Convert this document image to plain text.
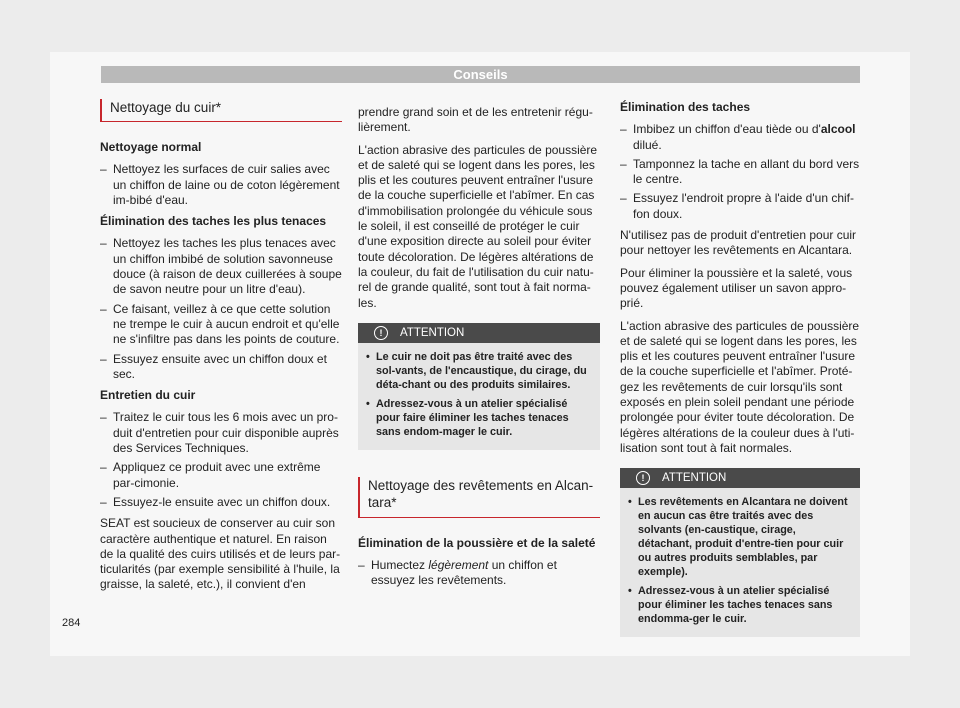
Conseils
Nettoyage du cuir*

Nettoyage normal

– Nettoyez les surfaces de cuir salies avec un chiffon de laine ou de coton légèrement im-bibé d'eau.

Élimination des taches les plus tenaces

– Nettoyez les taches les plus tenaces avec un chiffon imbibé de solution savonneuse douce (à raison de deux cuillerées à soupe de savon neutre pour un litre d'eau).
– Ce faisant, veillez à ce que cette solution ne trempe le cuir à aucun endroit et qu'elle ne s'infiltre pas dans les points de couture.
– Essuyez ensuite avec un chiffon doux et sec.

Entretien du cuir

– Traitez le cuir tous les 6 mois avec un pro-duit d'entretien pour cuir disponible auprès des Services Techniques.
– Appliquez ce produit avec une extrême par-cimonie.
– Essuyez-le ensuite avec un chiffon doux.

SEAT est soucieux de conserver au cuir son caractère authentique et naturel. En raison de la qualité des cuirs utilisés et de leurs par-ticularités (par exemple sensibilité à l'huile, la graisse, la saleté, etc.), il convient d'en

prendre grand soin et de les entretenir régu-lièrement.

L'action abrasive des particules de poussière et de saleté qui se logent dans les pores, les plis et les coutures peuvent entraîner l'usure de la couche superficielle et l'abîmer. En cas d'immobilisation prolongée du véhicule sous le soleil, il est conseillé de protéger le cuir d'une exposition directe au soleil pour éviter toute décoloration. De légères altérations de la couleur, du fait de l'utilisation du cuir natu-rel de grande qualité, sont tout à fait norma-les.

!	ATTENTION
• Le cuir ne doit pas être traité avec des sol-vants, de l'encaustique, du cirage, du déta-chant ou des produits similaires.
• Adressez-vous à un atelier spécialisé pour faire éliminer les taches tenaces sans endom-mager le cuir.
Nettoyage des revêtements en Alcan-tara*

Élimination de la poussière et de la saleté

– Humectez légèrement un chiffon et essuyez les revêtements.

Élimination des taches

– Imbibez un chiffon d'eau tiède ou d'alcool dilué.
– Tamponnez la tache en allant du bord vers le centre.
– Essuyez l'endroit propre à l'aide d'un chif-fon doux.

N'utilisez pas de produit d'entretien pour cuir pour nettoyer les revêtements en Alcantara.

Pour éliminer la poussière et la saleté, vous pouvez également utiliser un savon appro-prié.

L'action abrasive des particules de poussière et de saleté qui se logent dans les pores, les plis et les coutures peuvent entraîner l'usure de la couche superficielle et l'abîmer. Proté-gez les revêtements de cuir lorsqu'ils sont exposés en plein soleil pendant une période prolongée pour éviter toute décoloration. De légères altérations de la couleur dues à l'uti-lisation sont tout à fait normales.

!	ATTENTION
• Les revêtements en Alcantara ne doivent en aucun cas être traités avec des solvants (en-caustique, cirage, détachant, produit d'entre-tien pour cuir ou autres produits semblables, par exemple).
• Adressez-vous à un atelier spécialisé pour éliminer les taches tenaces sans endomma-ger le cuir.
284
